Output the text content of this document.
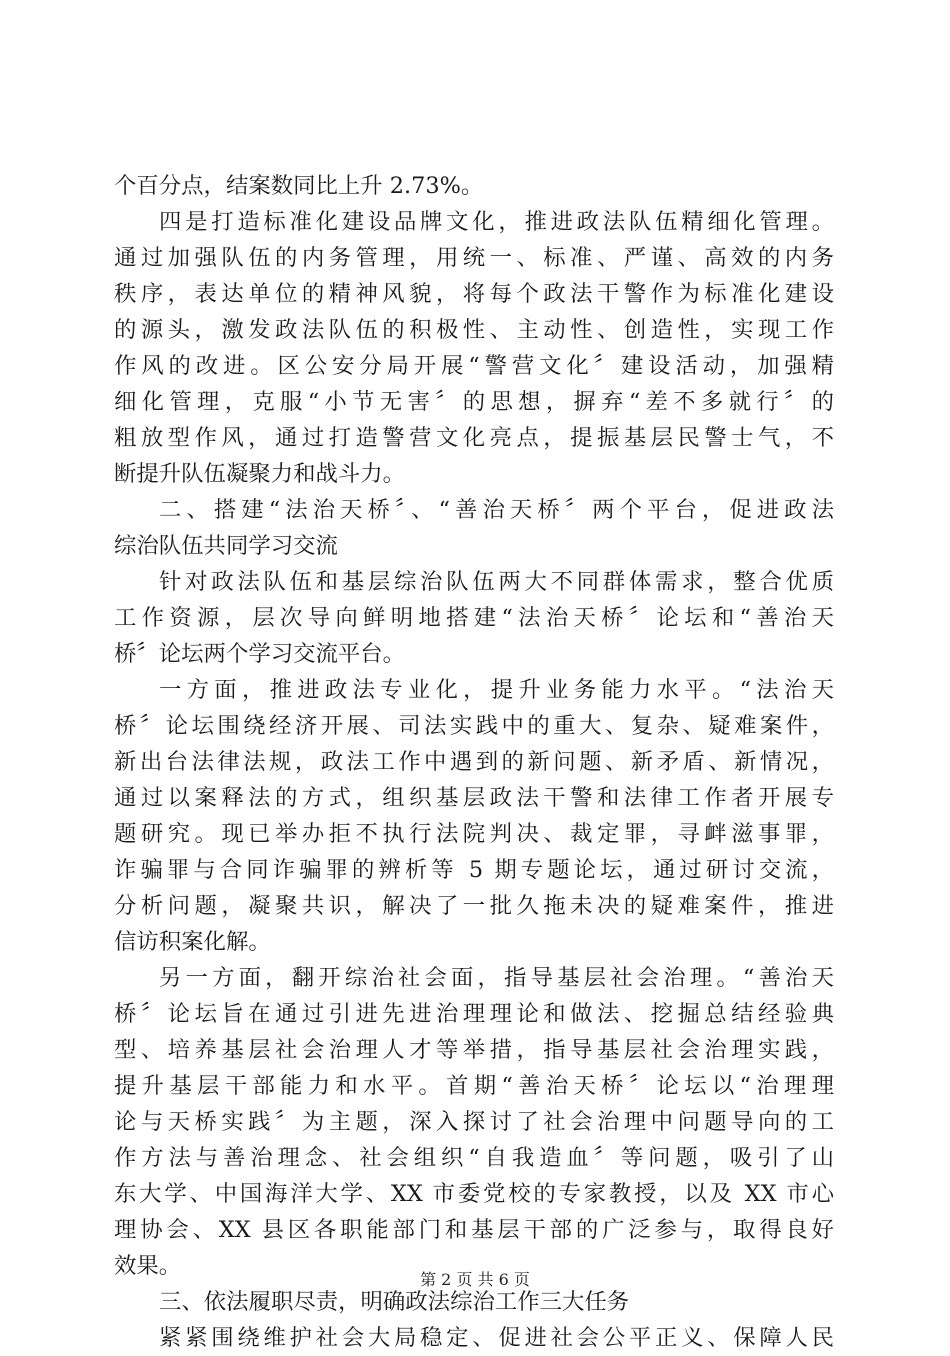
个百分点，结案数同比上升 2.73%。
四是打造标准化建设品牌文化，推进政法队伍精细化管理。
通过加强队伍的内务管理，用统一、标准、严谨、高效的内务
秩序，表达单位的精神风貌，将每个政法干警作为标准化建设
的源头，激发政法队伍的积极性、主动性、创造性，实现工作
作风的改进。区公安分局开展“警营文化〞建设活动，加强精
细化管理，克服“小节无害〞的思想，摒弃“差不多就行〞的
粗放型作风，通过打造警营文化亮点，提振基层民警士气，不
断提升队伍凝聚力和战斗力。
二、搭建“法治天桥〞、“善治天桥〞两个平台，促进政法
综治队伍共同学习交流
针对政法队伍和基层综治队伍两大不同群体需求，整合优质
工作资源，层次导向鲜明地搭建“法治天桥〞论坛和“善治天
桥〞论坛两个学习交流平台。
一方面，推进政法专业化，提升业务能力水平。“法治天
桥〞论坛围绕经济开展、司法实践中的重大、复杂、疑难案件，
新出台法律法规，政法工作中遇到的新问题、新矛盾、新情况，
通过以案释法的方式，组织基层政法干警和法律工作者开展专
题研究。现已举办拒不执行法院判决、裁定罪，寻衅滋事罪，
诈骗罪与合同诈骗罪的辨析等 5 期专题论坛，通过研讨交流，
分析问题，凝聚共识，解决了一批久拖未决的疑难案件，推进
信访积案化解。
另一方面，翻开综治社会面，指导基层社会治理。“善治天
桥〞论坛旨在通过引进先进治理理论和做法、挖掘总结经验典
型、培养基层社会治理人才等举措，指导基层社会治理实践，
提升基层干部能力和水平。首期“善治天桥〞论坛以“治理理
论与天桥实践〞为主题，深入探讨了社会治理中问题导向的工
作方法与善治理念、社会组织“自我造血〞等问题，吸引了山
东大学、中国海洋大学、XX 市委党校的专家教授，以及 XX 市心
理协会、XX 县区各职能部门和基层干部的广泛参与，取得良好
效果。
三、依法履职尽责，明确政法综治工作三大任务
紧紧围绕维护社会大局稳定、促进社会公平正义、保障人民
第 2 页 共 6 页
